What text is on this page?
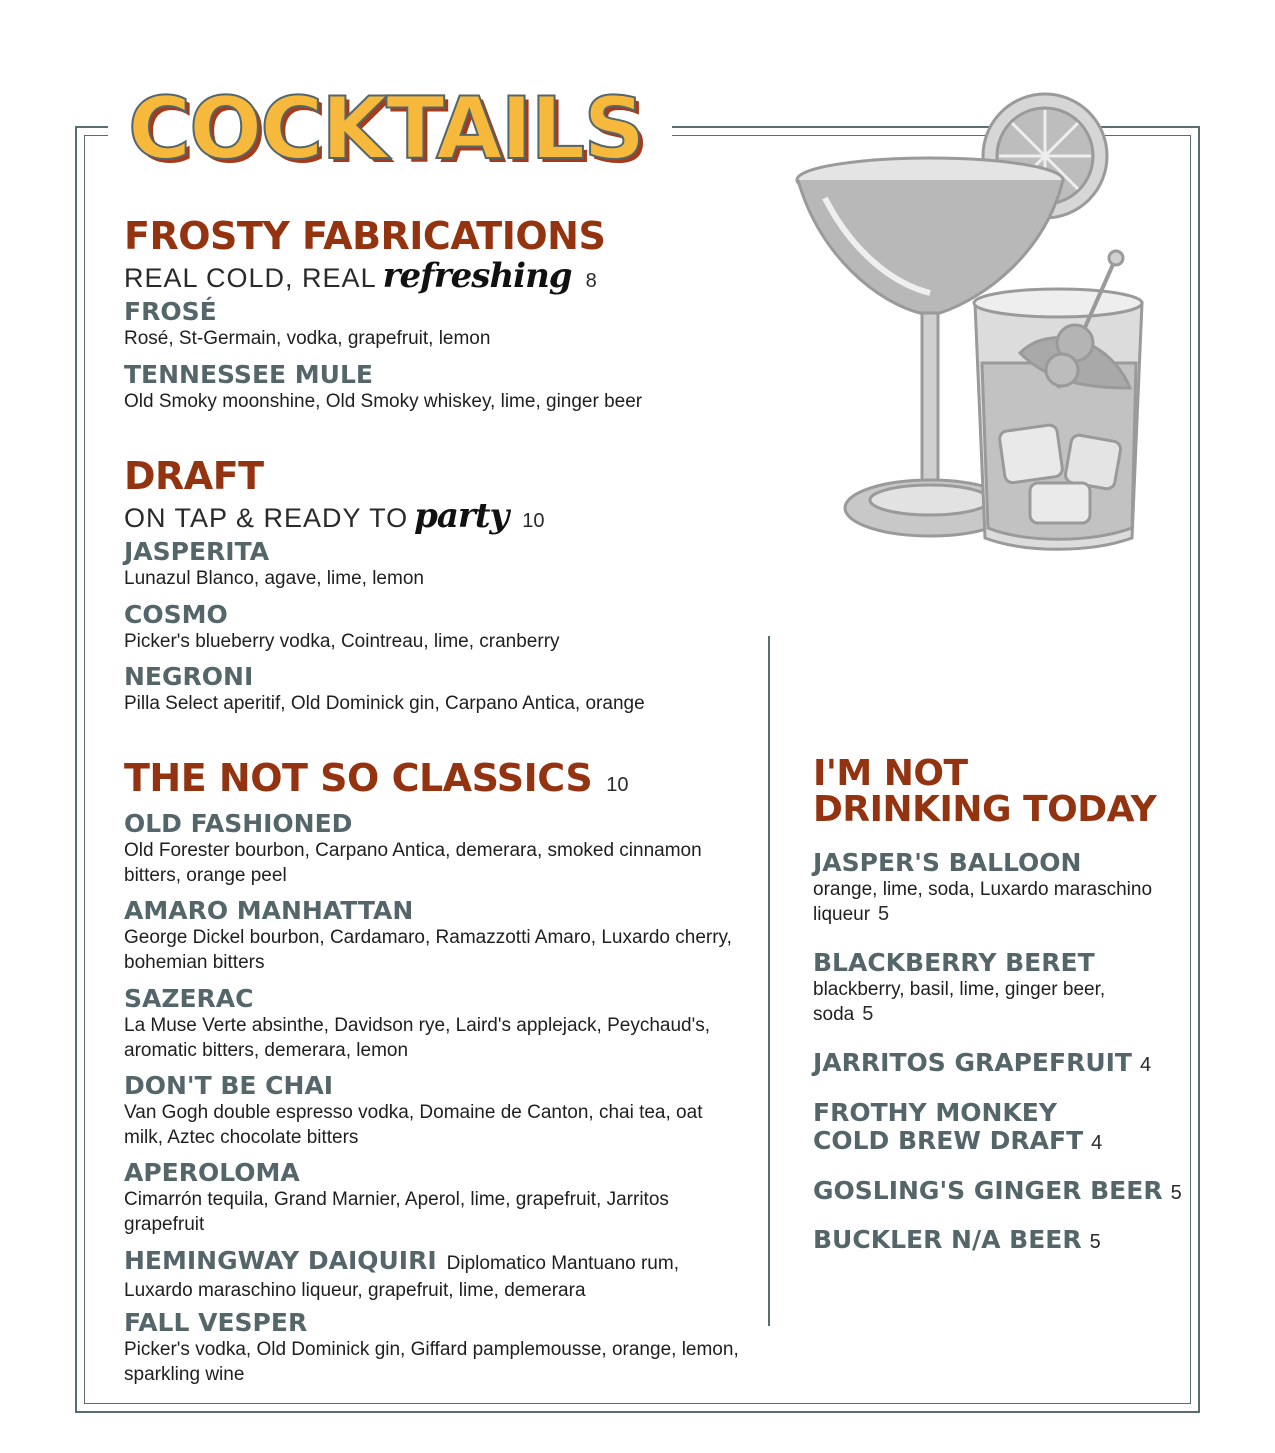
COCKTAILS
FROSTY FABRICATIONS

REAL COLD, REAL refreshing 8

FROSÉ
Rosé, St-Germain, vodka, grapefruit, lemon
TENNESSEE MULE
Old Smoky moonshine, Old Smoky whiskey, lime, ginger beer
DRAFT

ON TAP & READY TO party 10

JASPERITA
Lunazul Blanco, agave, lime, lemon
COSMO
Picker's blueberry vodka, Cointreau, lime, cranberry
NEGRONI
Pilla Select aperitif, Old Dominick gin, Carpano Antica, orange
THE NOT SO CLASSICS 10
OLD FASHIONED
Old Forester bourbon, Carpano Antica, demerara, smoked cinnamon bitters, orange peel
AMARO MANHATTAN
George Dickel bourbon, Cardamaro, Ramazzotti Amaro, Luxardo cherry, bohemian bitters
SAZERAC
La Muse Verte absinthe, Davidson rye, Laird's applejack, Peychaud's, aromatic bitters, demerara, lemon
DON'T BE CHAI
Van Gogh double espresso vodka, Domaine de Canton, chai tea, oat milk, Aztec chocolate bitters
APEROLOMA
Cimarrón tequila, Grand Marnier, Aperol, lime, grapefruit, Jarritos grapefruit
HEMINGWAY DAIQUIRI Diplomatico Mantuano rum,
Luxardo maraschino liqueur, grapefruit, lime, demerara
FALL VESPER
Picker's vodka, Old Dominick gin, Giffard pamplemousse, orange, lemon, sparkling wine
I'M NOT
DRINKING TODAY
JASPER'S BALLOON
orange, lime, soda, Luxardo maraschino liqueur 5
BLACKBERRY BERET
blackberry, basil, lime, ginger beer, soda 5
JARRITOS GRAPEFRUIT 4
FROTHY MONKEY
COLD BREW DRAFT 4
GOSLING'S GINGER BEER 5
BUCKLER N/A BEER 5
